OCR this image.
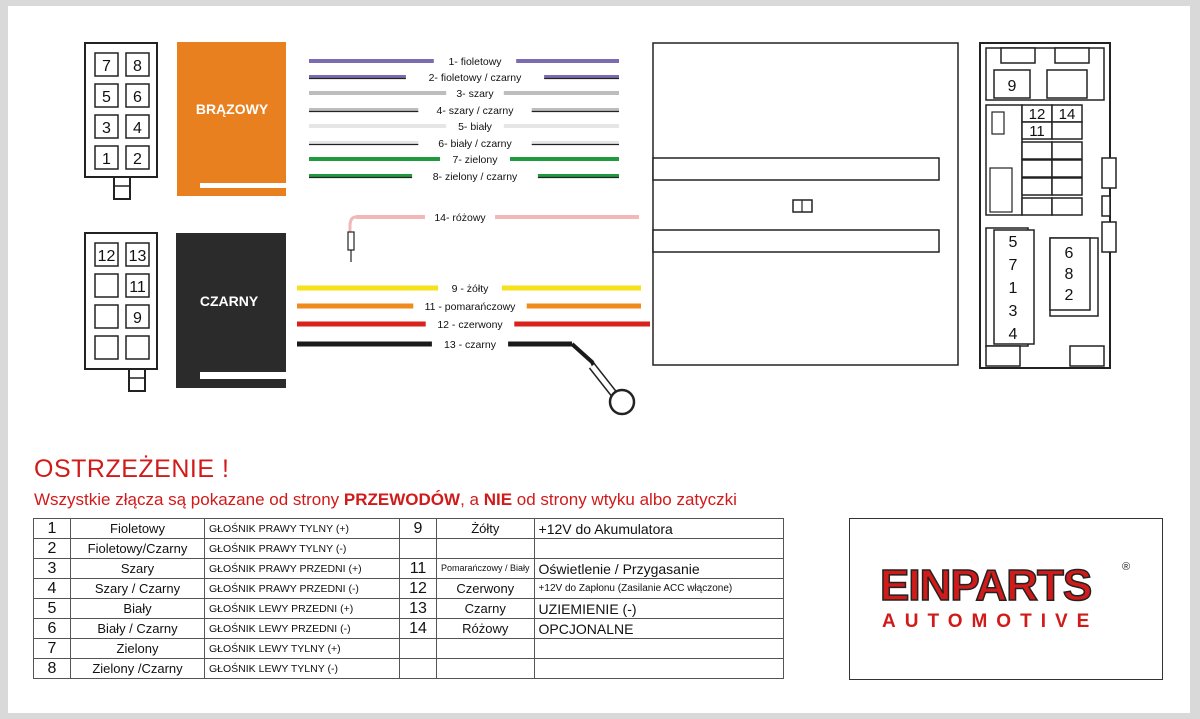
7 8
5 6
3 4
1 2
BRĄZOWY
12 13
11
9
CZARNY
1- fioletowy
2- fioletowy / czarny
3- szary
4- szary / czarny
5- biały
6- biały / czarny
7- zielony
8- zielony / czarny
14- różowy
9 - żółty
11 - pomarańczowy
12 - czerwony
13 - czarny
9
12 14
11
5
7
1
3
4
6
8
2
OSTRZEŻENIE !
Wszystkie złącza są pokazane od strony PRZEWODÓW, a NIE od strony wtyku albo zatyczki
1	Fioletowy	GŁOŚNIK PRAWY TYLNY (+)	9	Żółty	+12V do Akumulatora
2	Fioletowy/Czarny	GŁOŚNIK PRAWY TYLNY (-)			
3	Szary	GŁOŚNIK PRAWY PRZEDNI (+)	11	Pomarańczowy / Biały	Oświetlenie / Przygasanie
4	Szary / Czarny	GŁOŚNIK PRAWY PRZEDNI (-)	12	Czerwony	+12V do Zapłonu (Zasilanie ACC włączone)
5	Biały	GŁOŚNIK LEWY PRZEDNI (+)	13	Czarny	UZIEMIENIE (-)
6	Biały / Czarny	GŁOŚNIK LEWY PRZEDNI (-)	14	Różowy	OPCJONALNE
7	Zielony	GŁOŚNIK LEWY TYLNY (+)			
8	Zielony /Czarny	GŁOŚNIK LEWY TYLNY (-)			
EINPARTS	®
AUTOMOTIVE
